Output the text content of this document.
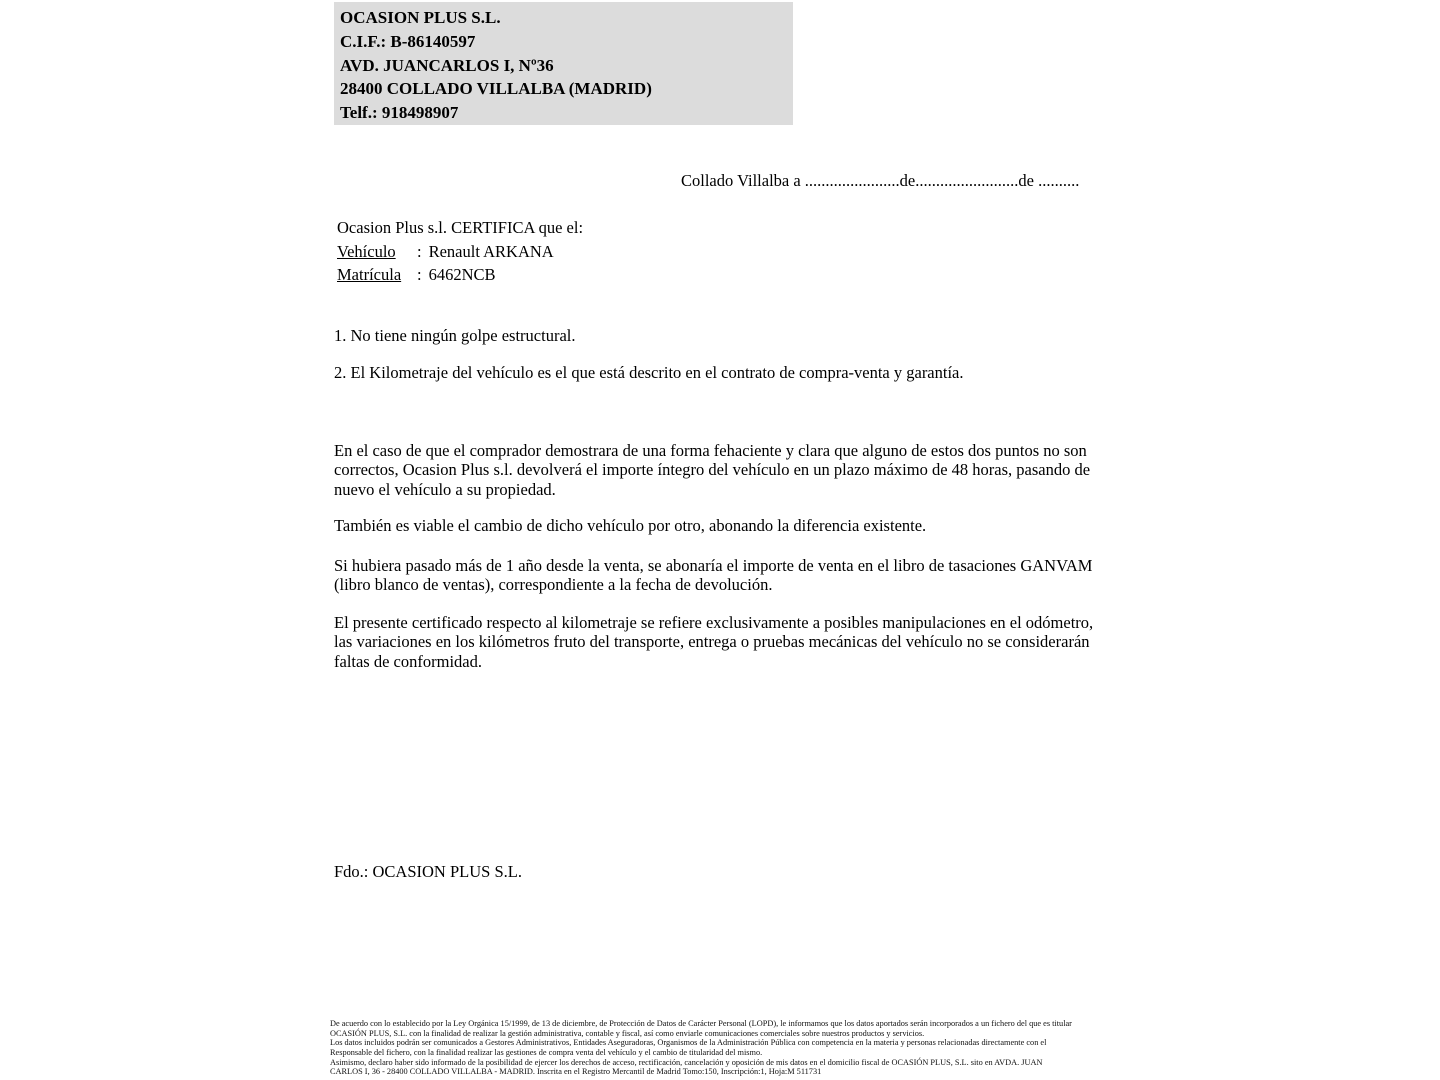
OCASION PLUS S.L.
C.I.F.: B-86140597
AVD. JUANCARLOS I, Nº36
28400 COLLADO VILLALBA (MADRID)
Telf.: 918498907
Collado Villalba a .......................de.........................de ..........
Ocasion Plus s.l. CERTIFICA que el:
Vehículo : Renault ARKANA
Matrícula : 6462NCB
1. No tiene ningún golpe estructural.
2. El Kilometraje del vehículo es el que está descrito en el contrato de compra-venta y garantía.
En el caso de que el comprador demostrara de una forma fehaciente y clara que alguno de estos dos puntos no son correctos, Ocasion Plus s.l. devolverá el importe íntegro del vehículo en un plazo máximo de 48 horas, pasando de nuevo el vehículo a su propiedad.
También es viable el cambio de dicho vehículo por otro, abonando la diferencia existente.
Si hubiera pasado más de 1 año desde la venta, se abonaría el importe de venta en el libro de tasaciones GANVAM (libro blanco de ventas), correspondiente a la fecha de devolución.
El presente certificado respecto al kilometraje se refiere exclusivamente a posibles manipulaciones en el odómetro, las variaciones en los kilómetros fruto del transporte, entrega o pruebas mecánicas del vehículo no se considerarán faltas de conformidad.
Fdo.: OCASION PLUS S.L.
De acuerdo con lo establecido por la Ley Orgánica 15/1999, de 13 de diciembre, de Protección de Datos de Carácter Personal (LOPD), le informamos que los datos aportados serán incorporados a un fichero del que es titular
OCASIÓN PLUS, S.L. con la finalidad de realizar la gestión administrativa, contable y fiscal, así como enviarle comunicaciones comerciales sobre nuestros productos y servicios.
Los datos incluidos podrán ser comunicados a Gestores Administrativos, Entidades Aseguradoras, Organismos de la Administración Pública con competencia en la materia y personas relacionadas directamente con el
Responsable del fichero, con la finalidad realizar las gestiones de compra venta del vehículo y el cambio de titularidad del mismo.
Asimismo, declaro haber sido informado de la posibilidad de ejercer los derechos de acceso, rectificación, cancelación y oposición de mis datos en el domicilio fiscal de OCASIÓN PLUS, S.L. sito en AVDA. JUAN
CARLOS I, 36 - 28400 COLLADO VILLALBA - MADRID. Inscrita en el Registro Mercantil de Madrid Tomo:150, Inscripción:1, Hoja:M 511731
